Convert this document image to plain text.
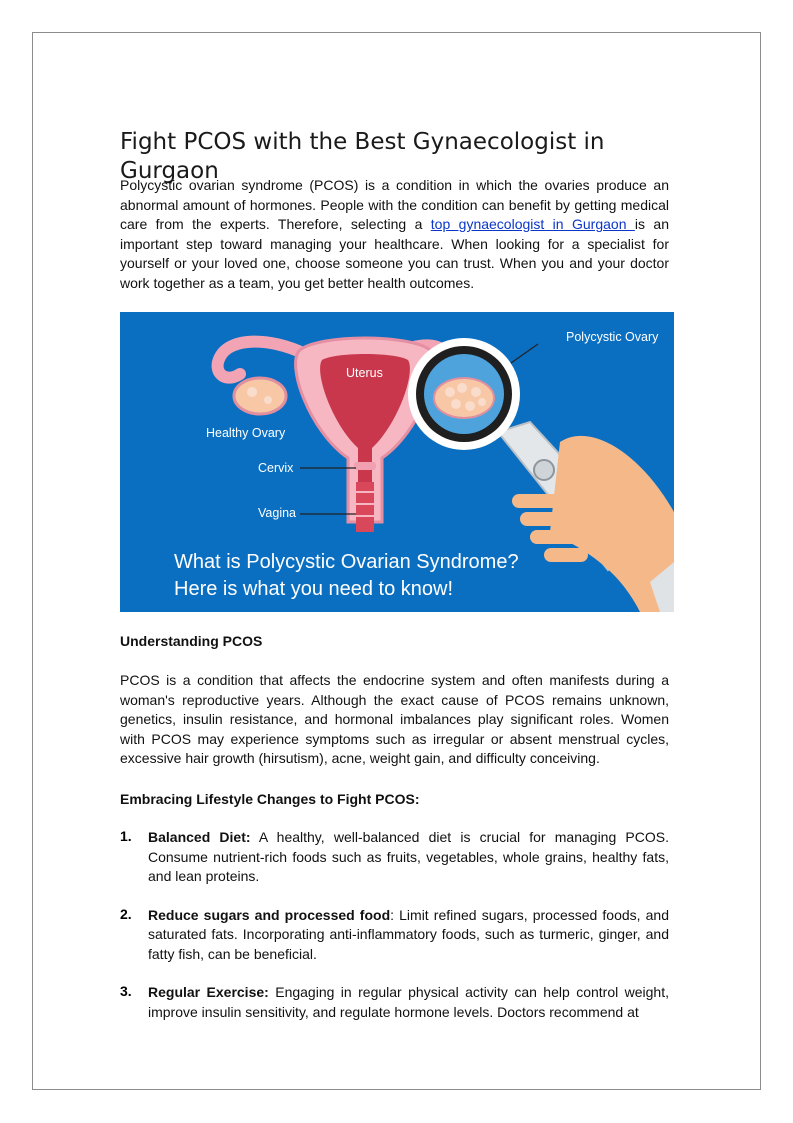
Fight PCOS with the Best Gynaecologist in Gurgaon

Polycystic ovarian syndrome (PCOS) is a condition in which the ovaries produce an abnormal amount of hormones. People with the condition can benefit by getting medical care from the experts. Therefore, selecting a top gynaecologist in Gurgaon is an important step toward managing your healthcare. When looking for a specialist for yourself or your loved one, choose someone you can trust. When you and your doctor work together as a team, you get better health outcomes.

Uterus
Healthy Ovary
Cervix
Vagina
Polycystic Ovary
What is Polycystic Ovarian Syndrome?
Here is what you need to know!
Understanding PCOS

PCOS is a condition that affects the endocrine system and often manifests during a woman's reproductive years. Although the exact cause of PCOS remains unknown, genetics, insulin resistance, and hormonal imbalances play significant roles. Women with PCOS may experience symptoms such as irregular or absent menstrual cycles, excessive hair growth (hirsutism), acne, weight gain, and difficulty conceiving.

Embracing Lifestyle Changes to Fight PCOS:
1. Balanced Diet: A healthy, well-balanced diet is crucial for managing PCOS. Consume nutrient-rich foods such as fruits, vegetables, whole grains, healthy fats, and lean proteins.
2. Reduce sugars and processed food: Limit refined sugars, processed foods, and saturated fats. Incorporating anti-inflammatory foods, such as turmeric, ginger, and fatty fish, can be beneficial.
3. Regular Exercise: Engaging in regular physical activity can help control weight, improve insulin sensitivity, and regulate hormone levels. Doctors recommend at
